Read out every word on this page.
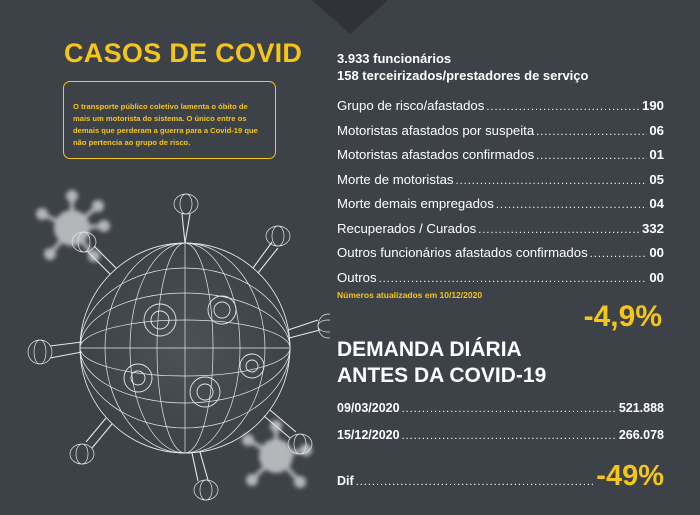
CASOS DE COVID
O transporte público coletivo lamenta o óbito de mais um motorista do sistema. O único entre os demais que perderam a guerra para a Covid-19 que não pertencia ao grupo de risco.
3.933 funcionários
158 terceirizados/prestadores de serviço
Grupo de risco/afastados .....	190
Motoristas afastados por suspeita .....	06
Motoristas afastados confirmados .....	01
Morte de motoristas .....	05
Morte demais empregados .....	04
Recuperados / Curados .....	332
Outros funcionários afastados confirmados .....	00
Outros .....	00
Números atualizados em 10/12/2020
-4,9%
DEMANDA DIÁRIA
ANTES DA COVID-19
09/03/2020 .....	521.888
15/12/2020 .....	266.078
Dif .....	-49%
